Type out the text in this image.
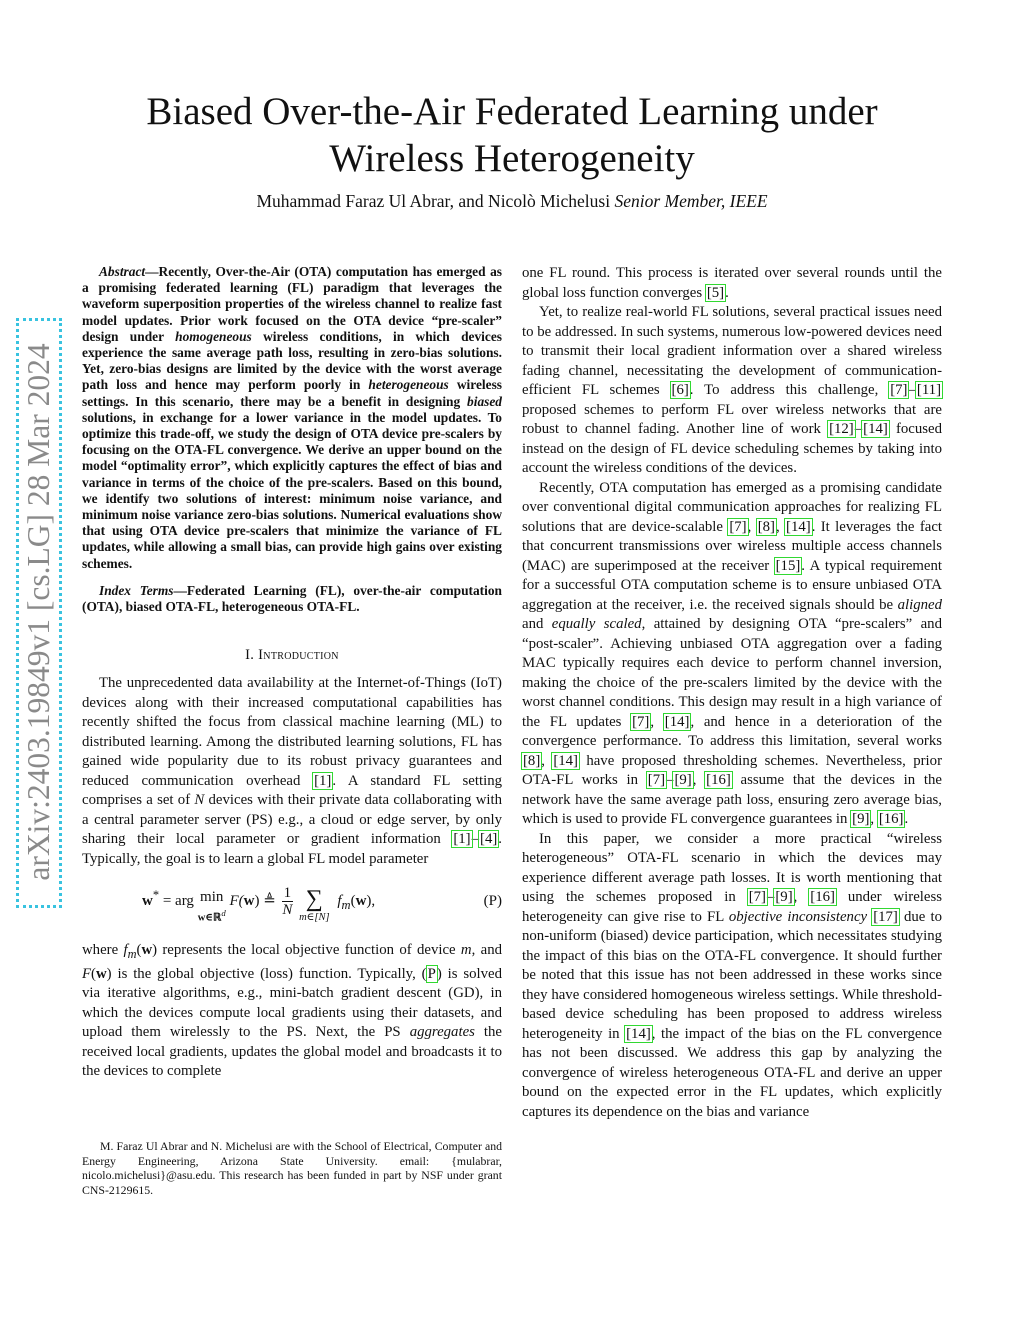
arXiv:2403.19849v1 [cs.LG] 28 Mar 2024
Biased Over-the-Air Federated Learning under Wireless Heterogeneity
Muhammad Faraz Ul Abrar, and Nicolò Michelusi Senior Member, IEEE

Abstract—Recently, Over-the-Air (OTA) computation has emerged as a promising federated learning (FL) paradigm that leverages the waveform superposition properties of the wireless channel to realize fast model updates. Prior work focused on the OTA device “pre-scaler” design under homogeneous wireless conditions, in which devices experience the same average path loss, resulting in zero-bias solutions. Yet, zero-bias designs are limited by the device with the worst average path loss and hence may perform poorly in heterogeneous wireless settings. In this scenario, there may be a benefit in designing biased solutions, in exchange for a lower variance in the model updates. To optimize this trade-off, we study the design of OTA device pre-scalers by focusing on the OTA-FL convergence. We derive an upper bound on the model “optimality error”, which explicitly captures the effect of bias and variance in terms of the choice of the pre-scalers. Based on this bound, we identify two solutions of interest: minimum noise variance, and minimum noise variance zero-bias solutions. Numerical evaluations show that using OTA device pre-scalers that minimize the variance of FL updates, while allowing a small bias, can provide high gains over existing schemes.

Index Terms—Federated Learning (FL), over-the-air computation (OTA), biased OTA-FL, heterogeneous OTA-FL.

I. Introduction

The unprecedented data availability at the Internet-of-Things (IoT) devices along with their increased computational capabilities has recently shifted the focus from classical machine learning (ML) to distributed learning. Among the distributed learning solutions, FL has gained wide popularity due to its robust privacy guarantees and reduced communication overhead [1]. A standard FL setting comprises a set of N devices with their private data collaborating with a central parameter server (PS) e.g., a cloud or edge server, by only sharing their local parameter or gradient information [1]–[4]. Typically, the goal is to learn a global FL model parameter

w* = arg min
w∈ℝ$^d$
F(w) ≜ $\frac{1}{N}$ ∑
m∈[N]
$f_m(w)$,	(P)

where $f_m(w)$ represents the local objective function of device m, and F(w) is the global objective (loss) function. Typically, (P) is solved via iterative algorithms, e.g., mini-batch gradient descent (GD), in which the devices compute local gradients using their datasets, and upload them wirelessly to the PS. Next, the PS aggregates the received local gradients, updates the global model and broadcasts it to the devices to complete

M. Faraz Ul Abrar and N. Michelusi are with the School of Electrical, Computer and Energy Engineering, Arizona State University. email: {mulabrar, nicolo.michelusi}@asu.edu. This research has been funded in part by NSF under grant CNS-2129615.

one FL round. This process is iterated over several rounds until the global loss function converges [5].

Yet, to realize real-world FL solutions, several practical issues need to be addressed. In such systems, numerous low-powered devices need to transmit their local gradient information over a shared wireless fading channel, necessitating the development of communication-efficient FL schemes [6]. To address this challenge, [7]–[11] proposed schemes to perform FL over wireless networks that are robust to channel fading. Another line of work [12]–[14] focused instead on the design of FL device scheduling schemes by taking into account the wireless conditions of the devices.

Recently, OTA computation has emerged as a promising candidate over conventional digital communication approaches for realizing FL solutions that are device-scalable [7], [8], [14]. It leverages the fact that concurrent transmissions over wireless multiple access channels (MAC) are superimposed at the receiver [15]. A typical requirement for a successful OTA computation scheme is to ensure unbiased OTA aggregation at the receiver, i.e. the received signals should be aligned and equally scaled, attained by designing OTA “pre-scalers” and “post-scaler”. Achieving unbiased OTA aggregation over a fading MAC typically requires each device to perform channel inversion, making the choice of the pre-scalers limited by the device with the worst channel conditions. This design may result in a high variance of the FL updates [7], [14], and hence in a deterioration of the convergence performance. To address this limitation, several works [8], [14] have proposed thresholding schemes. Nevertheless, prior OTA-FL works in [7]–[9], [16] assume that the devices in the network have the same average path loss, ensuring zero average bias, which is used to provide FL convergence guarantees in [9], [16].

In this paper, we consider a more practical “wireless heterogeneous” OTA-FL scenario in which the devices may experience different average path losses. It is worth mentioning that using the schemes proposed in [7]–[9], [16] under wireless heterogeneity can give rise to FL objective inconsistency [17] due to non-uniform (biased) device participation, which necessitates studying the impact of this bias on the OTA-FL convergence. It should further be noted that this issue has not been addressed in these works since they have considered homogeneous wireless settings. While threshold-based device scheduling has been proposed to address wireless heterogeneity in [14], the impact of the bias on the FL convergence has not been discussed. We address this gap by analyzing the convergence of wireless heterogeneous OTA-FL and derive an upper bound on the expected error in the FL updates, which explicitly captures its dependence on the bias and variance
